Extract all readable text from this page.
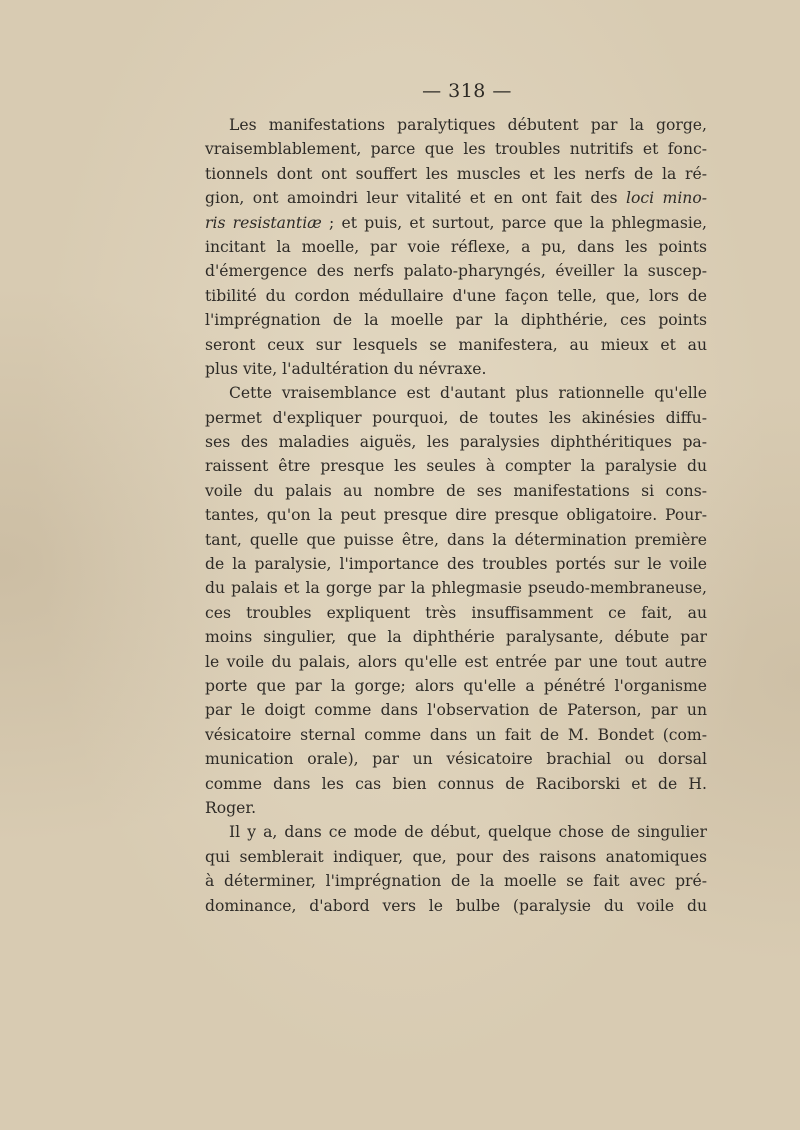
— 318 —
Les manifestations paralytiques débutent par la gorge,
vraisemblablement, parce que les troubles nutritifs et fonc-
tionnels dont ont souffert les muscles et les nerfs de la ré-
gion, ont amoindri leur vitalité et en ont fait des loci mino-
ris resistantiæ ; et puis, et surtout, parce que la phlegmasie,
incitant la moelle, par voie réflexe, a pu, dans les points
d'émergence des nerfs palato-pharyngés, éveiller la suscep-
tibilité du cordon médullaire d'une façon telle, que, lors de
l'imprégnation de la moelle par la diphthérie, ces points
seront ceux sur lesquels se manifestera, au mieux et au
plus vite, l'adultération du névraxe.
Cette vraisemblance est d'autant plus rationnelle qu'elle
permet d'expliquer pourquoi, de toutes les akinésies diffu-
ses des maladies aiguës, les paralysies diphthéritiques pa-
raissent être presque les seules à compter la paralysie du
voile du palais au nombre de ses manifestations si cons-
tantes, qu'on la peut presque dire presque obligatoire. Pour-
tant, quelle que puisse être, dans la détermination première
de la paralysie, l'importance des troubles portés sur le voile
du palais et la gorge par la phlegmasie pseudo-membraneuse,
ces troubles expliquent très insuffisamment ce fait, au
moins singulier, que la diphthérie paralysante, débute par
le voile du palais, alors qu'elle est entrée par une tout autre
porte que par la gorge; alors qu'elle a pénétré l'organisme
par le doigt comme dans l'observation de Paterson, par un
vésicatoire sternal comme dans un fait de M. Bondet (com-
munication orale), par un vésicatoire brachial ou dorsal
comme dans les cas bien connus de Raciborski et de H.
Roger.
Il y a, dans ce mode de début, quelque chose de singulier
qui semblerait indiquer, que, pour des raisons anatomiques
à déterminer, l'imprégnation de la moelle se fait avec pré-
dominance, d'abord vers le bulbe (paralysie du voile du
